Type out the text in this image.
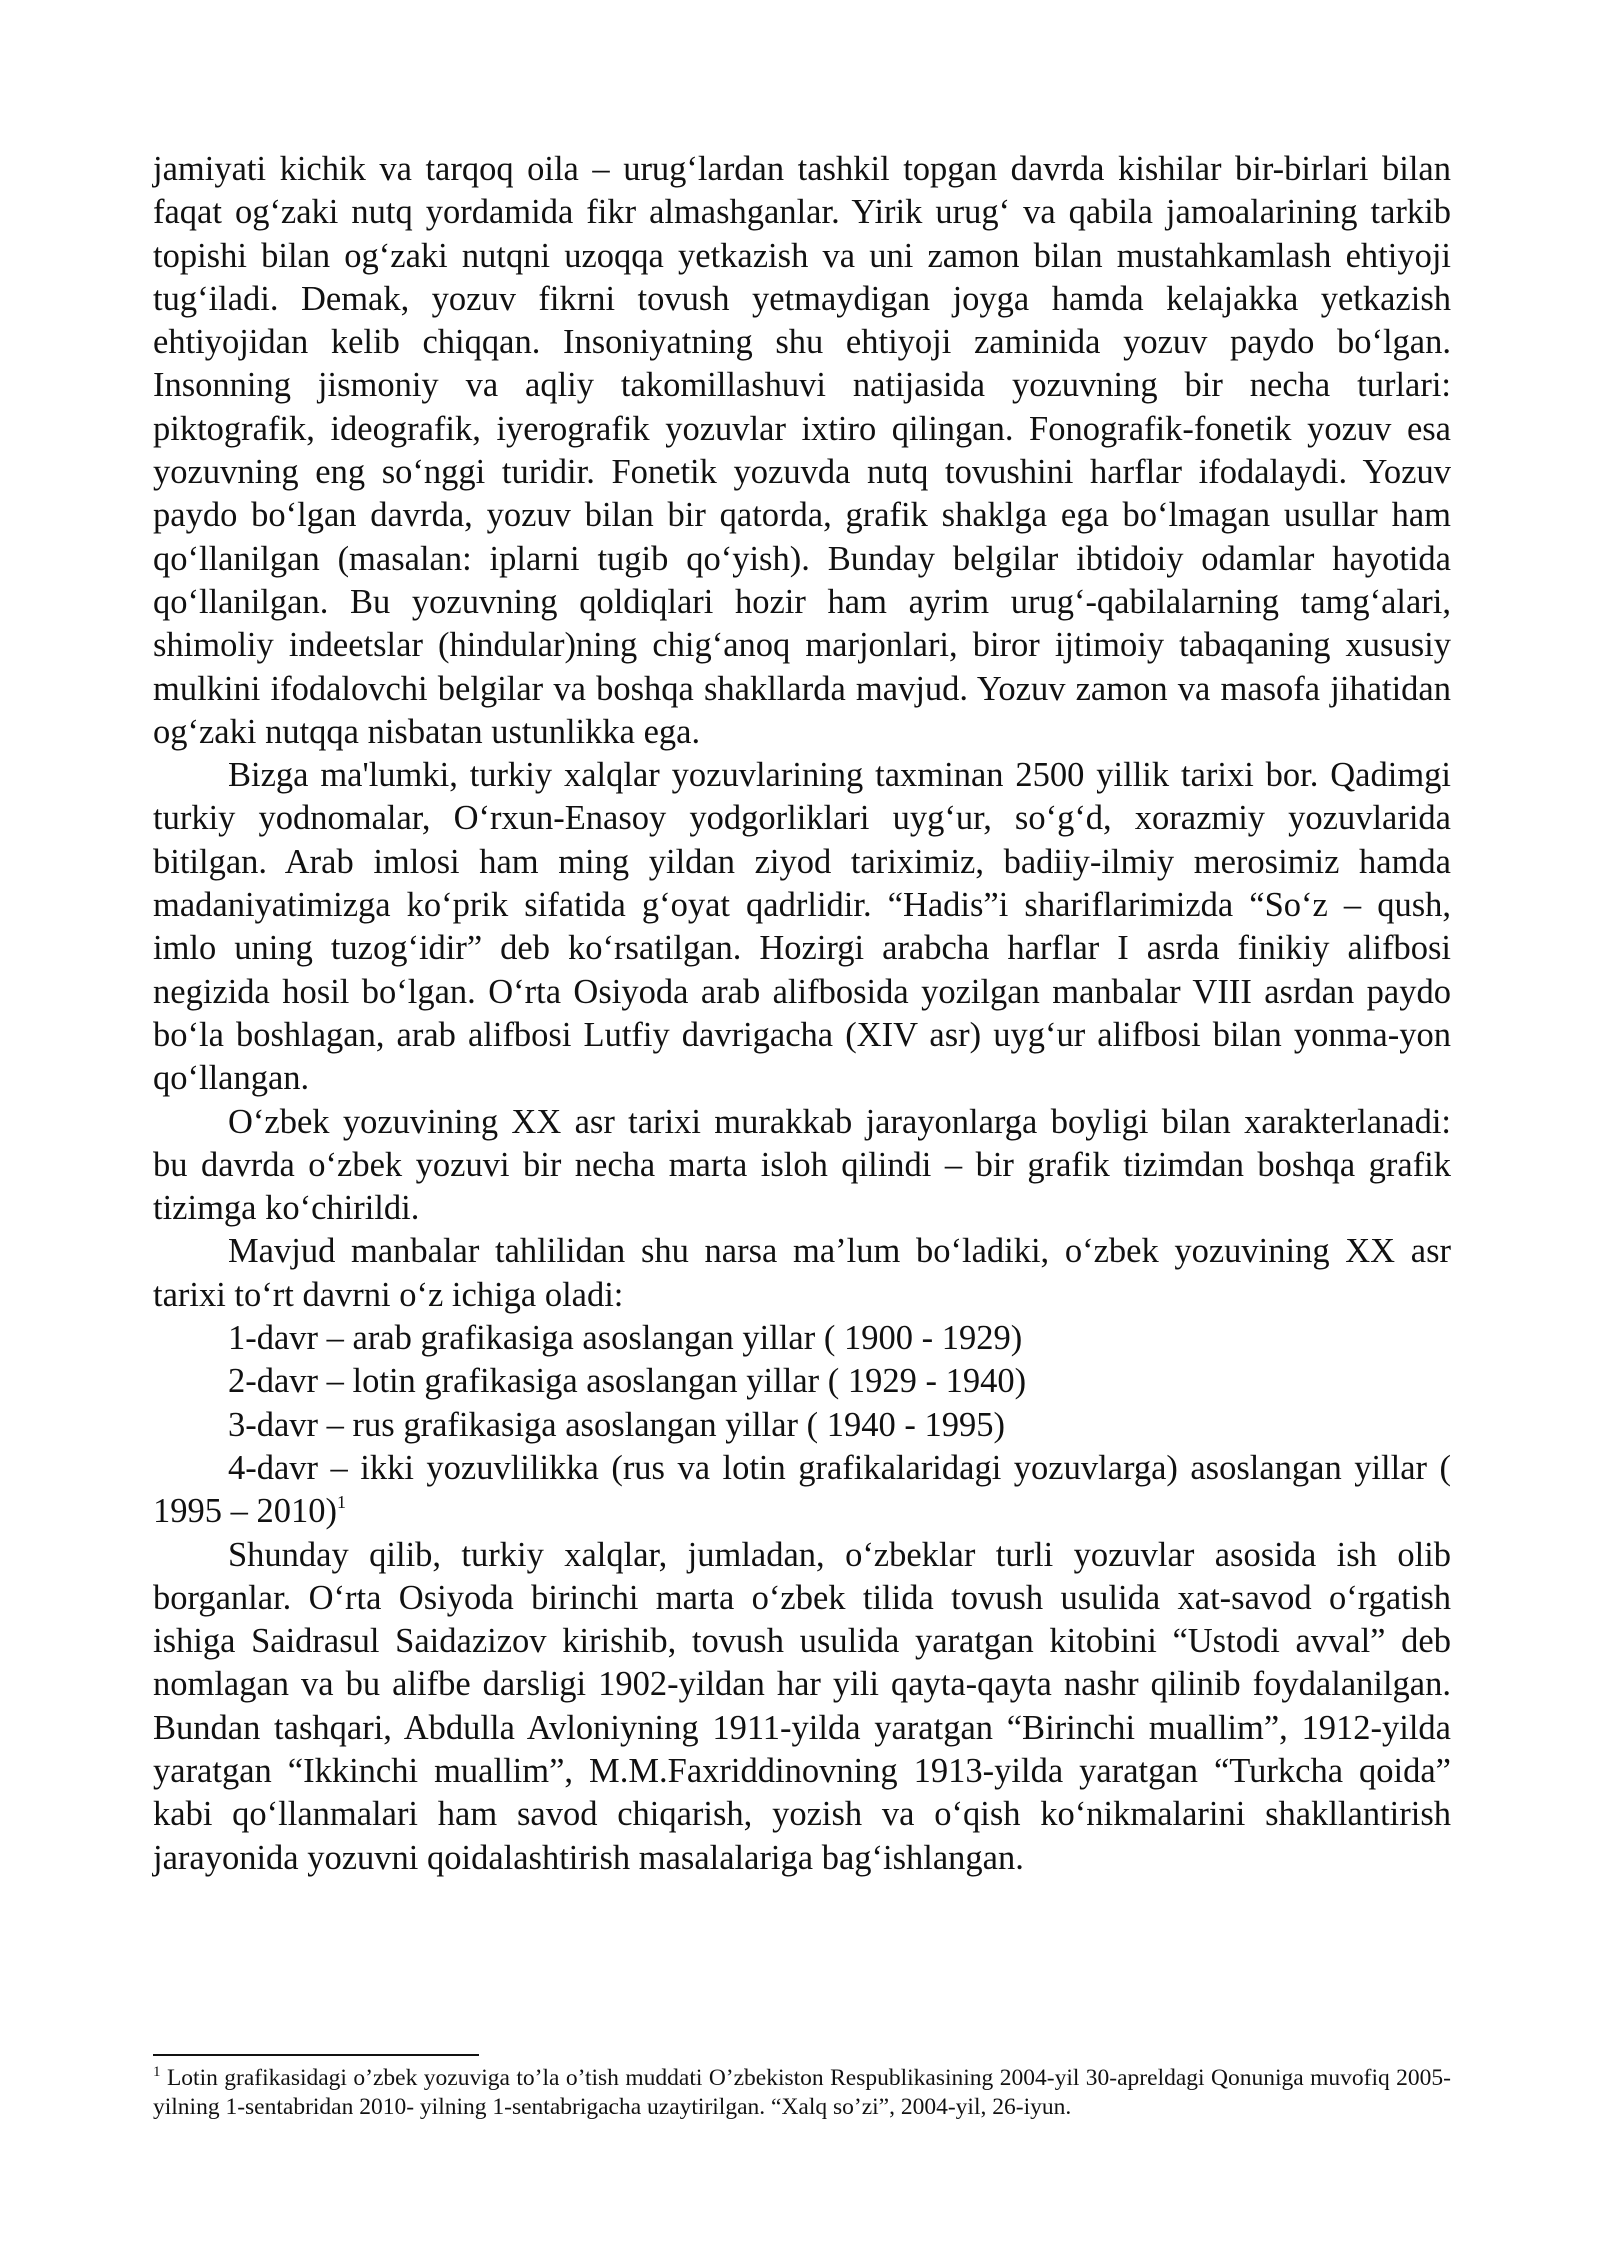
jamiyati kichik va tarqoq oila – urug‘lardan tashkil topgan davrda kishilar bir-birlari bilan faqat og‘zaki nutq yordamida fikr almashganlar. Yirik urug‘ va qabila jamoalarining tarkib topishi bilan og‘zaki nutqni uzoqqa yetkazish va uni zamon bilan mustahkamlash ehtiyoji tug‘iladi. Demak, yozuv fikrni tovush yetmaydigan joyga hamda kelajakka yetkazish ehtiyojidan kelib chiqqan. Insoniyatning shu ehtiyoji zaminida yozuv paydo bo‘lgan. Insonning jismoniy va aqliy takomillashuvi natijasida yozuvning bir necha turlari: piktografik, ideografik, iyerografik yozuvlar ixtiro qilingan. Fonografik-fonetik yozuv esa yozuvning eng so‘nggi turidir. Fonetik yozuvda nutq tovushini harflar ifodalaydi. Yozuv paydo bo‘lgan davrda, yozuv bilan bir qatorda, grafik shaklga ega bo‘lmagan usullar ham qo‘llanilgan (masalan: iplarni tugib qo‘yish). Bunday belgilar ibtidoiy odamlar hayotida qo‘llanilgan. Bu yozuvning qoldiqlari hozir ham ayrim urug‘-qabilalarning tamg‘alari, shimoliy indeetslar (hindular)ning chig‘anoq marjonlari, biror ijtimoiy tabaqaning xususiy mulkini ifodalovchi belgilar va boshqa shakllarda mavjud. Yozuv zamon va masofa jihatidan og‘zaki nutqqa nisbatan ustunlikka ega.

Bizga ma'lumki, turkiy xalqlar yozuvlarining taxminan 2500 yillik tarixi bor. Qadimgi turkiy yodnomalar, O‘rxun-Enasoy yodgorliklari uyg‘ur, so‘g‘d, xorazmiy yozuvlarida bitilgan. Arab imlosi ham ming yildan ziyod tariximiz, badiiy-ilmiy merosimiz hamda madaniyatimizga ko‘prik sifatida g‘oyat qadrlidir. “Hadis”i shariflarimizda “So‘z – qush, imlo uning tuzog‘idir” deb ko‘rsatilgan. Hozirgi arabcha harflar I asrda finikiy alifbosi negizida hosil bo‘lgan. O‘rta Osiyoda arab alifbosida yozilgan manbalar VIII asrdan paydo bo‘la boshlagan, arab alifbosi Lutfiy davrigacha (XIV asr) uyg‘ur alifbosi bilan yonma-yon qo‘llangan.

O‘zbek yozuvining XX asr tarixi murakkab jarayonlarga boyligi bilan xarakterlanadi: bu davrda o‘zbek yozuvi bir necha marta isloh qilindi – bir grafik tizimdan boshqa grafik tizimga ko‘chirildi.

Mavjud manbalar tahlilidan shu narsa ma’lum bo‘ladiki, o‘zbek yozuvining XX asr tarixi to‘rt davrni o‘z ichiga oladi:

1-davr – arab grafikasiga asoslangan yillar ( 1900 - 1929)

2-davr – lotin grafikasiga asoslangan yillar ( 1929 - 1940)

3-davr – rus grafikasiga asoslangan yillar ( 1940 - 1995)

4-davr – ikki yozuvlilikka (rus va lotin grafikalaridagi yozuvlarga) asoslangan yillar ( 1995 – 2010)$^1$

Shunday qilib, turkiy xalqlar, jumladan, o‘zbeklar turli yozuvlar asosida ish olib borganlar. O‘rta Osiyoda birinchi marta o‘zbek tilida tovush usulida xat-savod o‘rgatish ishiga Saidrasul Saidazizov kirishib, tovush usulida yaratgan kitobini “Ustodi avval” deb nomlagan va bu alifbe darsligi 1902-yildan har yili qayta-qayta nashr qilinib foydalanilgan. Bundan tashqari, Abdulla Avloniyning 1911-yilda yaratgan “Birinchi muallim”, 1912-yilda yaratgan “Ikkinchi muallim”, M.M.Faxriddinovning 1913-yilda yaratgan “Turkcha qoida” kabi qo‘llanmalari ham savod chiqarish, yozish va o‘qish ko‘nikmalarini shakllantirish jarayonida yozuvni qoidalashtirish masalalariga bag‘ishlangan.

$^1$ Lotin grafikasidagi o’zbek yozuviga to’la o’tish muddati O’zbekiston Respublikasining 2004-yil 30-apreldagi Qonuniga muvofiq 2005-yilning 1-sentabridan 2010- yilning 1-sentabrigacha uzaytirilgan. “Xalq so’zi”, 2004-yil, 26-iyun.
